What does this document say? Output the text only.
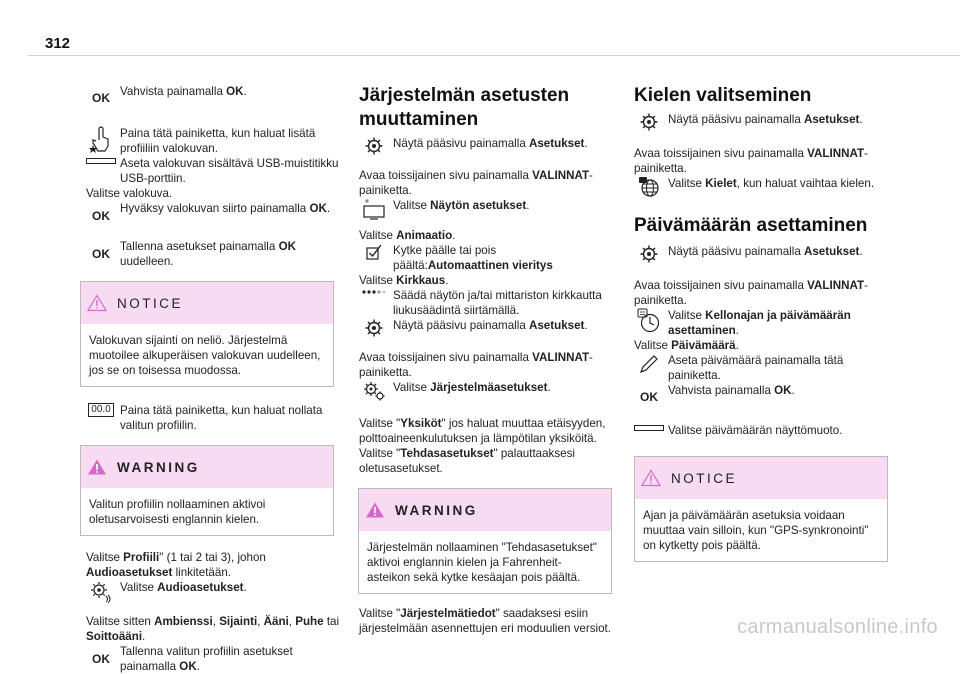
312
OK Vahvista painamalla OK.
Paina tätä painiketta, kun haluat lisätä profiiliin valokuvan.
Aseta valokuvan sisältävä USB-muistitikku USB-porttiin.

Valitse valokuva.

OK Hyväksy valokuvan siirto painamalla OK.
OK Tallenna asetukset painamalla OK uudelleen.
NOTICE
Valokuvan sijainti on neliö. Järjestelmä muotoilee alkuperäisen valokuvan uudelleen, jos se on toisessa muodossa.
00.0 Paina tätä painiketta, kun haluat nollata valitun profiilin.
WARNING
Valitun profiilin nollaaminen aktivoi oletusarvoisesti englannin kielen.

Valitse Profiili" (1 tai 2 tai 3), johon Audioasetukset linkitetään.

Valitse Audioasetukset.

Valitse sitten Ambienssi, Sijainti, Ääni, Puhe tai Soittoääni.

OK Tallenna valitun profiilin asetukset painamalla OK.
Järjestelmän asetusten muuttaminen
Näytä pääsivu painamalla Asetukset.

Avaa toissijainen sivu painamalla VALINNAT-painiketta.

Valitse Näytön asetukset.

Valitse Animaatio.

Kytke päälle tai pois päältä:Automaattinen vieritys

Valitse Kirkkaus.

Säädä näytön ja/tai mittariston kirkkautta liukusäädintä siirtämällä.
Näytä pääsivu painamalla Asetukset.

Avaa toissijainen sivu painamalla VALINNAT-painiketta.

Valitse Järjestelmäasetukset.

Valitse "Yksiköt" jos haluat muuttaa etäisyyden, polttoaineenkulutuksen ja lämpötilan yksiköitä.

Valitse "Tehdasasetukset" palauttaaksesi oletusasetukset.

WARNING
Järjestelmän nollaaminen "Tehdasasetukset" aktivoi englannin kielen ja Fahrenheit-asteikon sekä kytke kesäajan pois päältä.

Valitse "Järjestelmätiedot" saadaksesi esiin järjestelmään asennettujen eri moduulien versiot.

Kielen valitseminen
Näytä pääsivu painamalla Asetukset.

Avaa toissijainen sivu painamalla VALINNAT-painiketta.

Valitse Kielet, kun haluat vaihtaa kielen.
Päivämäärän asettaminen
Näytä pääsivu painamalla Asetukset.

Avaa toissijainen sivu painamalla VALINNAT-painiketta.

Valitse Kellonajan ja päivämäärän asettaminen.

Valitse Päivämäärä.

Aseta päivämäärä painamalla tätä painiketta.
OK Vahvista painamalla OK.
Valitse päivämäärän näyttömuoto.
NOTICE
Ajan ja päivämäärän asetuksia voidaan muuttaa vain silloin, kun "GPS-synkronointi" on kytketty pois päältä.
carmanualsonline.info
